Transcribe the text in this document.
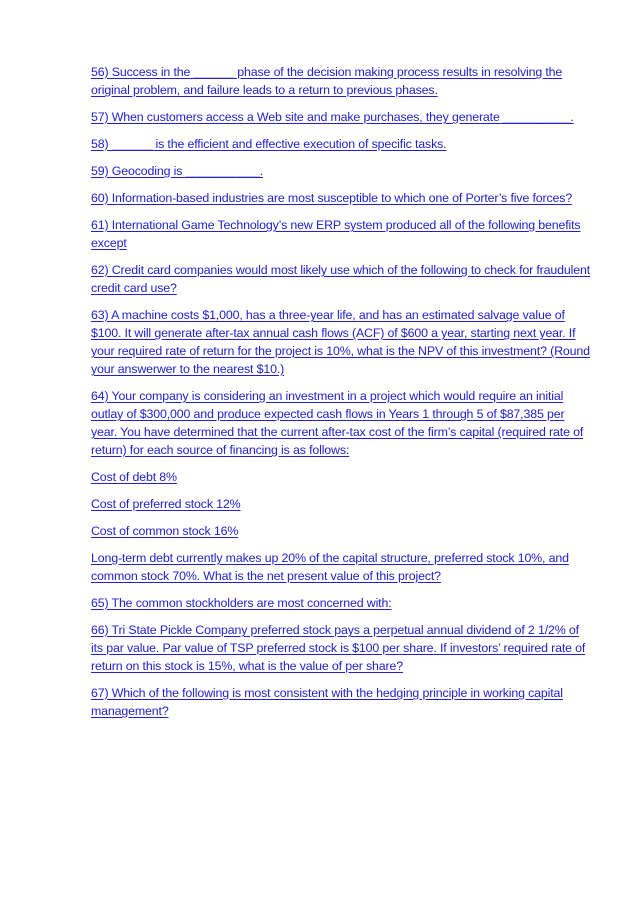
56) Success in the ______ phase of the decision making process results in resolving the original problem, and failure leads to a return to previous phases.

57) When customers access a Web site and make purchases, they generate __________.

58) ______ is the efficient and effective execution of specific tasks.

59) Geocoding is ___________.

60) Information-based industries are most susceptible to which one of Porter’s five forces?

61) International Game Technology’s new ERP system produced all of the following benefits except

62) Credit card companies would most likely use which of the following to check for fraudulent credit card use?

63) A machine costs $1,000, has a three-year life, and has an estimated salvage value of $100. It will generate after-tax annual cash flows (ACF) of $600 a year, starting next year. If your required rate of return for the project is 10%, what is the NPV of this investment? (Round your answerwer to the nearest $10.)

64) Your company is considering an investment in a project which would require an initial outlay of $300,000 and produce expected cash flows in Years 1 through 5 of $87,385 per year. You have determined that the current after-tax cost of the firm’s capital (required rate of return) for each source of financing is as follows:

Cost of debt 8%

Cost of preferred stock 12%

Cost of common stock 16%

Long-term debt currently makes up 20% of the capital structure, preferred stock 10%, and common stock 70%. What is the net present value of this project?

65) The common stockholders are most concerned with:

66) Tri State Pickle Company preferred stock pays a perpetual annual dividend of 2 1/2% of its par value. Par value of TSP preferred stock is $100 per share. If investors’ required rate of return on this stock is 15%, what is the value of per share?

67) Which of the following is most consistent with the hedging principle in working capital management?
